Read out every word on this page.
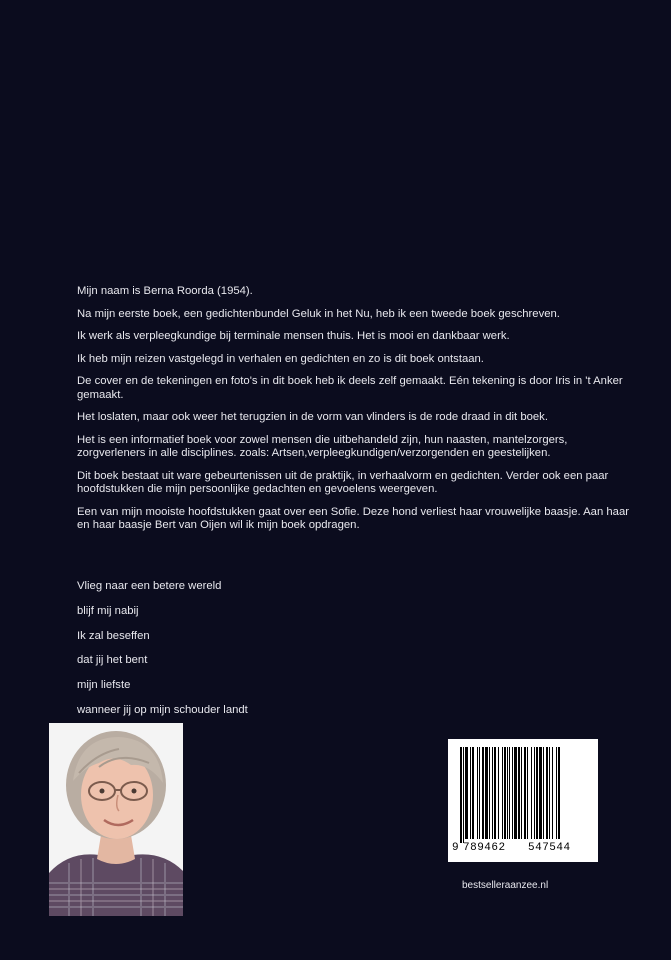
Mijn naam is Berna Roorda (1954).

Na mijn eerste boek, een gedichtenbundel Geluk in het Nu, heb ik een tweede boek geschreven.

Ik werk als verpleegkundige bij terminale mensen thuis. Het is mooi en dankbaar werk.

Ik heb mijn reizen vastgelegd in verhalen en gedichten en zo is dit boek ontstaan.

De cover en de tekeningen en foto's in dit boek heb ik deels zelf gemaakt. Eén tekening is door Iris in 't Anker gemaakt.

Het loslaten, maar ook weer het terugzien in de vorm van vlinders is de rode draad in dit boek.

Het is een informatief boek voor zowel mensen die uitbehandeld zijn, hun naasten, mantelzorgers, zorgverleners in alle disciplines. zoals: Artsen,verpleegkundigen/verzorgenden en geestelijken.

Dit boek bestaat uit ware gebeurtenissen uit de praktijk, in verhaalvorm en gedichten. Verder ook een paar hoofdstukken die mijn persoonlijke gedachten en gevoelens weergeven.

Een van mijn mooiste hoofdstukken gaat over een Sofie. Deze hond verliest haar vrouwelijke baasje. Aan haar en haar baasje Bert van Oijen wil ik mijn boek opdragen.

Vlieg naar een betere wereld

blijf mij nabij

Ik zal beseffen

dat jij het bent

mijn liefste

wanneer jij op mijn schouder landt

9 789462 547544
bestselleraanzee.nl
